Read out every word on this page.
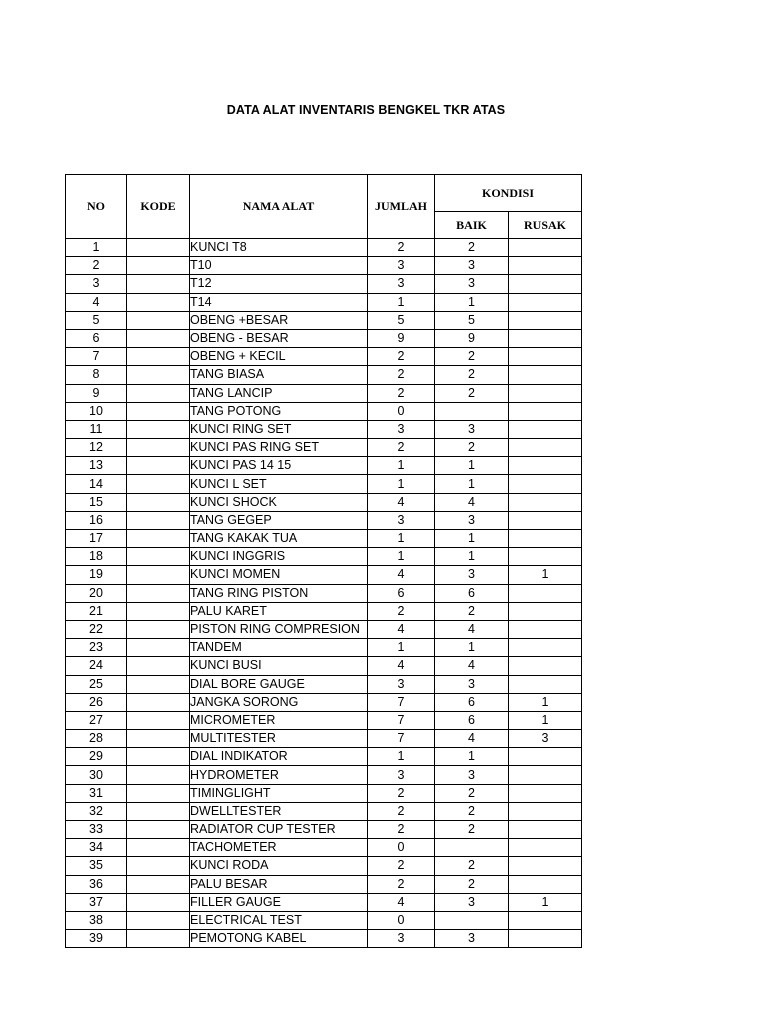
DATA ALAT INVENTARIS BENGKEL TKR ATAS
NO	KODE	NAMA ALAT	JUMLAH	KONDISI	
				BAIK	RUSAK
1		KUNCI T8	2	2	
2		T10	3	3	
3		T12	3	3	
4		T14	1	1	
5		OBENG +BESAR	5	5	
6		OBENG - BESAR	9	9	
7		OBENG + KECIL	2	2	
8		TANG BIASA	2	2	
9		TANG LANCIP	2	2	
10		TANG POTONG	0		
11		KUNCI RING SET	3	3	
12		KUNCI PAS RING SET	2	2	
13		KUNCI PAS 14 15	1	1	
14		KUNCI L SET	1	1	
15		KUNCI SHOCK	4	4	
16		TANG GEGEP	3	3	
17		TANG KAKAK TUA	1	1	
18		KUNCI INGGRIS	1	1	
19		KUNCI MOMEN	4	3	1
20		TANG RING PISTON	6	6	
21		PALU KARET	2	2	
22		PISTON RING COMPRESION	4	4	
23		TANDEM	1	1	
24		KUNCI BUSI	4	4	
25		DIAL BORE GAUGE	3	3	
26		JANGKA SORONG	7	6	1
27		MICROMETER	7	6	1
28		MULTITESTER	7	4	3
29		DIAL INDIKATOR	1	1	
30		HYDROMETER	3	3	
31		TIMINGLIGHT	2	2	
32		DWELLTESTER	2	2	
33		RADIATOR CUP TESTER	2	2	
34		TACHOMETER	0		
35		KUNCI RODA	2	2	
36		PALU BESAR	2	2	
37		FILLER GAUGE	4	3	1
38		ELECTRICAL TEST	0		
39		PEMOTONG KABEL	3	3	
